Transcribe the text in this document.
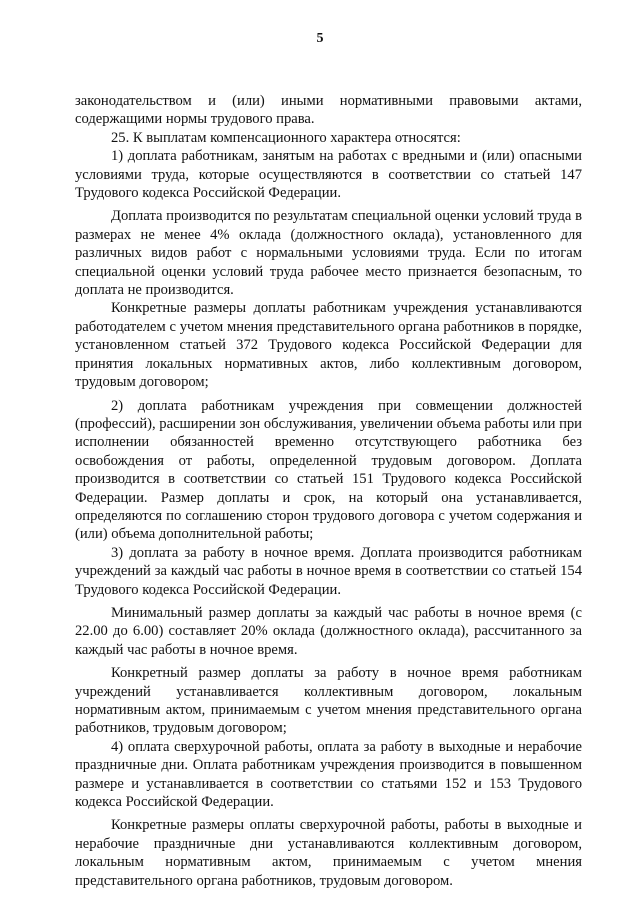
5

законодательством и (или) иными нормативными правовыми актами, содержащими нормы трудового права.

25. К выплатам компенсационного характера относятся:

1) доплата работникам, занятым на работах с вредными и (или) опасными условиями труда, которые осуществляются в соответствии со статьей 147 Трудового кодекса Российской Федерации.

Доплата производится по результатам специальной оценки условий труда в размерах не менее 4% оклада (должностного оклада), установленного для различных видов работ с нормальными условиями труда. Если по итогам специальной оценки условий труда рабочее место признается безопасным, то доплата не производится.

Конкретные размеры доплаты работникам учреждения устанавливаются работодателем с учетом мнения представительного органа работников в порядке, установленном статьей 372 Трудового кодекса Российской Федерации для принятия локальных нормативных актов, либо коллективным договором, трудовым договором;

2) доплата работникам учреждения при совмещении должностей (профессий), расширении зон обслуживания, увеличении объема работы или при исполнении обязанностей временно отсутствующего работника без освобождения от работы, определенной трудовым договором. Доплата производится в соответствии со статьей 151 Трудового кодекса Российской Федерации. Размер доплаты и срок, на который она устанавливается, определяются по соглашению сторон трудового договора с учетом содержания и (или) объема дополнительной работы;

3) доплата за работу в ночное время. Доплата производится работникам учреждений за каждый час работы в ночное время в соответствии со статьей 154 Трудового кодекса Российской Федерации.

Минимальный размер доплаты за каждый час работы в ночное время (с 22.00 до 6.00) составляет 20% оклада (должностного оклада), рассчитанного за каждый час работы в ночное время.

Конкретный размер доплаты за работу в ночное время работникам учреждений устанавливается коллективным договором, локальным нормативным актом, принимаемым с учетом мнения представительного органа работников, трудовым договором;

4) оплата сверхурочной работы, оплата за работу в выходные и нерабочие праздничные дни. Оплата работникам учреждения производится в повышенном размере и устанавливается в соответствии со статьями 152 и 153 Трудового кодекса Российской Федерации.

Конкретные размеры оплаты сверхурочной работы, работы в выходные и нерабочие праздничные дни устанавливаются коллективным договором, локальным нормативным актом, принимаемым с учетом мнения представительного органа работников, трудовым договором.
